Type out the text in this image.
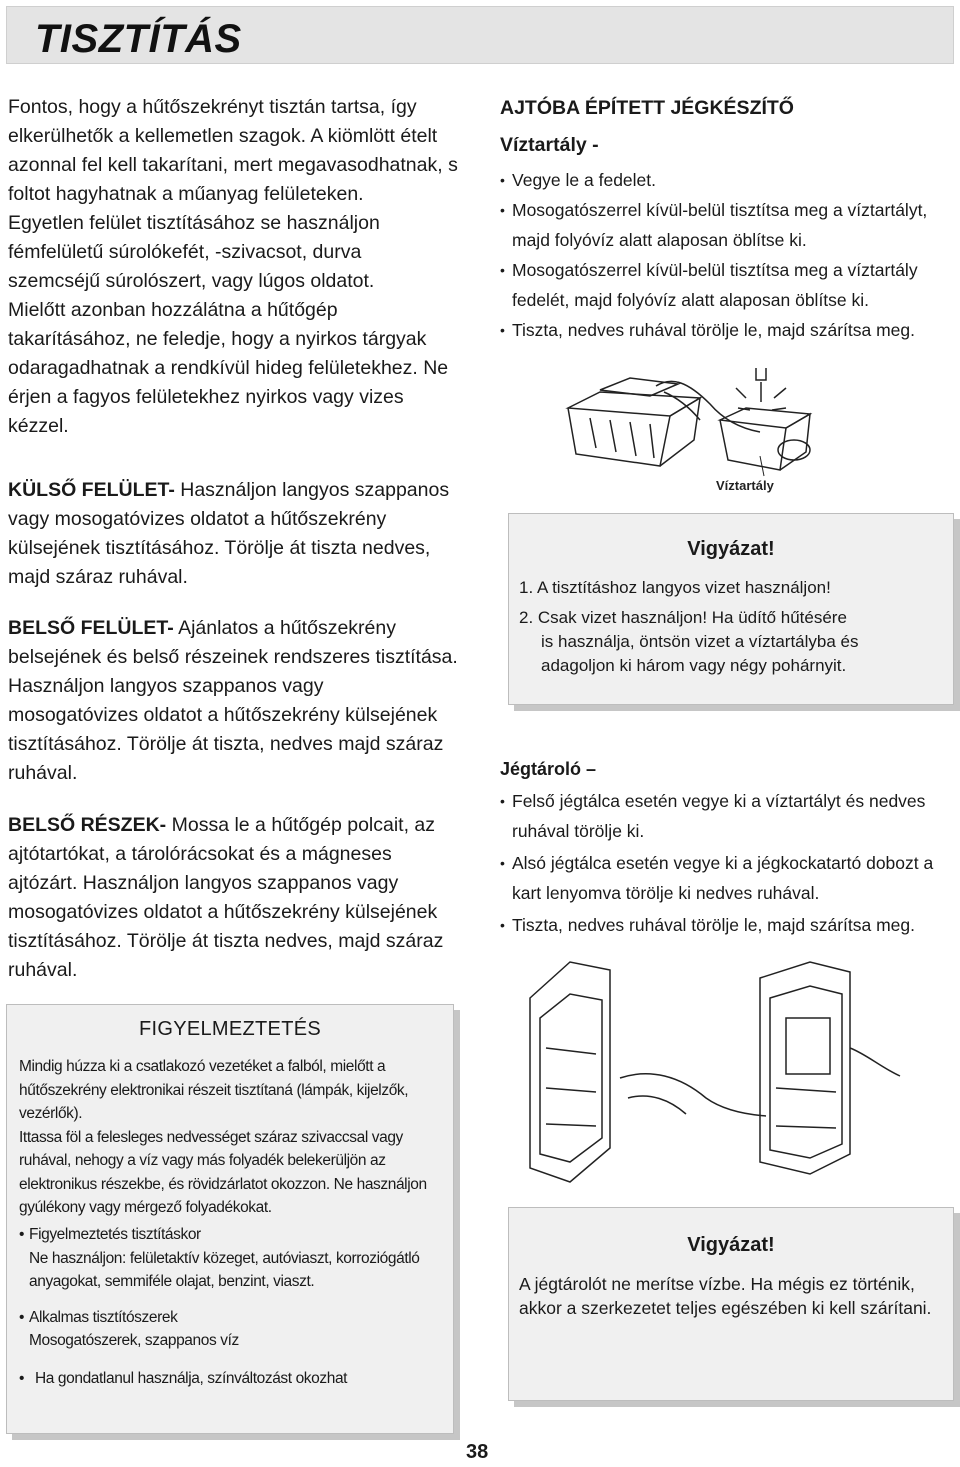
TISZTÍTÁS

Fontos, hogy a hűtőszekrényt tisztán tartsa, így elkerülhetők a kellemetlen szagok. A kiömlött ételt azonnal fel kell takarítani, mert megavasodhatnak, s foltot hagyhatnak a műanyag felületeken.

Egyetlen felület tisztításához se használjon fémfelületű súrolókefét, -szivacsot, durva szemcséjű súrolószert, vagy lúgos oldatot.

Mielőtt azonban hozzálátna a hűtőgép takarításához, ne feledje, hogy a nyirkos tárgyak odaragadhatnak a rendkívül hideg felületekhez. Ne érjen a fagyos felületekhez nyirkos vagy vizes kézzel.

KÜLSŐ FELÜLET- Használjon langyos szappanos vagy mosogatóvizes oldatot a hűtőszekrény külsejének tisztításához. Törölje át tiszta nedves, majd száraz ruhával.

BELSŐ FELÜLET- Ajánlatos a hűtőszekrény belsejének és belső részeinek rendszeres tisztítása. Használjon langyos szappanos vagy mosogatóvizes oldatot a hűtőszekrény külsejének tisztításához. Törölje át tiszta, nedves majd száraz ruhával.

BELSŐ RÉSZEK- Mossa le a hűtőgép polcait, az ajtótartókat, a tárolórácsokat és a mágneses ajtózárt. Használjon langyos szappanos vagy mosogatóvizes oldatot a hűtőszekrény külsejének tisztításához. Törölje át tiszta nedves, majd száraz ruhával.

FIGYELMEZTETÉS

Mindig húzza ki a csatlakozó vezetéket a falból, mielőtt a hűtőszekrény elektronikai részeit tisztítaná (lámpák, kijelzők, vezérlők).

Ittassa föl a felesleges nedvességet száraz szivaccsal vagy ruhával, nehogy a víz vagy más folyadék belekerüljön az elektronikus részekbe, és rövidzárlatot okozzon. Ne használjon gyúlékony vagy mérgező folyadékokat.

• Figyelmeztetés tisztításkor
Ne használjon: felületaktív közeget, autóviaszt, korroziógátló anyagokat, semmiféle olajat, benzint, viaszt.
• Alkalmas tisztítószerek
Mosogatószerek, szappanos víz
• Ha gondatlanul használja, színváltozást okozhat
AJTÓBA ÉPÍTETT JÉGKÉSZÍTŐ
Víztartály -
• Vegye le a fedelet.
• Mosogatószerrel kívül-belül tisztítsa meg a víztartályt, majd folyóvíz alatt alaposan öblítse ki.
• Mosogatószerrel kívül-belül tisztítsa meg a víztartály fedelét, majd folyóvíz alatt alaposan öblítse ki.
• Tiszta, nedves ruhával törölje le, majd szárítsa meg.
Víztartály
Vigyázat!
1. A tisztításhoz langyos vizet használjon!
2. Csak vizet használjon! Ha üdítő hűtésére
is használja, öntsön vizet a víztartályba és
adagoljon ki három vagy négy pohárnyit.
Jégtároló –
• Felső jégtálca esetén vegye ki a víztartályt és nedves ruhával törölje ki.
• Alsó jégtálca esetén vegye ki a jégkockatartó dobozt a kart lenyomva törölje ki nedves ruhával.
• Tiszta, nedves ruhával törölje le, majd szárítsa meg.
Vigyázat!
A jégtárolót ne merítse vízbe. Ha mégis ez történik, akkor a szerkezetet teljes egészében ki kell szárítani.
38
